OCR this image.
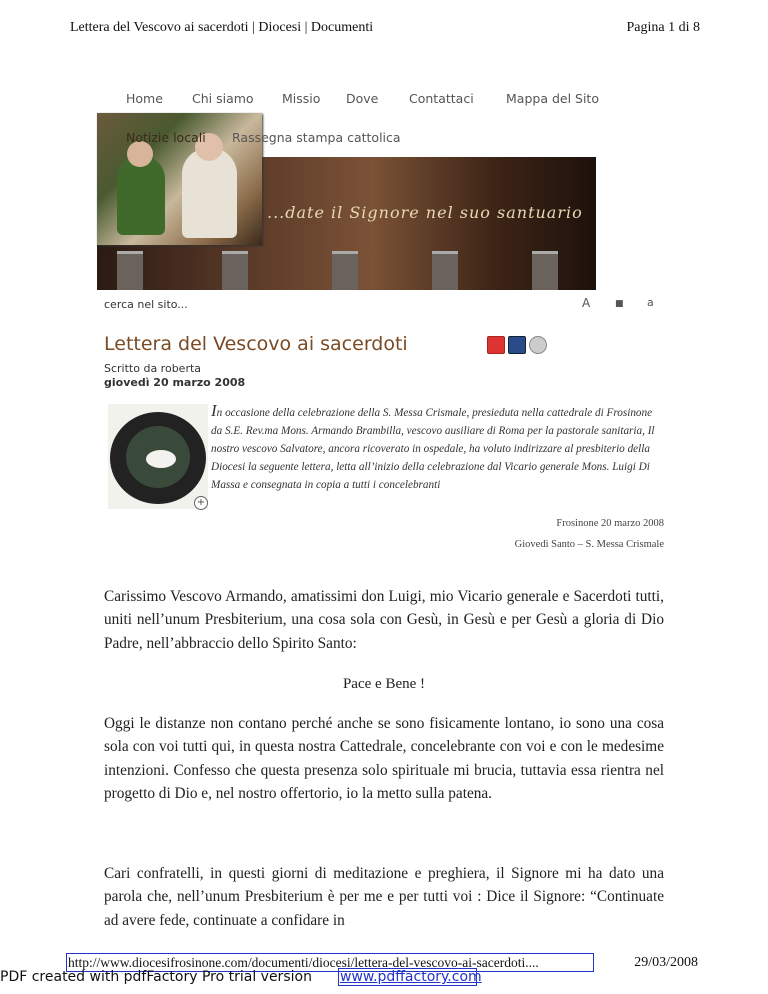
Lettera del Vescovo ai sacerdoti | Diocesi | Documenti	Pagina 1 di 8
...date il Signore nel suo santuario
Home Chi siamo Missio Dove Contattaci	Mappa del Sito
Notizie locali Rassegna stampa cattolica
cerca nel sito...	A	■ a
Lettera del Vescovo ai sacerdoti
Scritto da roberta
giovedì 20 marzo 2008
+
In occasione della celebrazione della S. Messa Crismale, presieduta nella cattedrale di Frosinone da S.E. Rev.ma Mons. Armando Brambilla, vescovo ausiliare di Roma per la pastorale sanitaria, Il nostro vescovo Salvatore, ancora ricoverato in ospedale, ha voluto indirizzare al presbiterio della Diocesi la seguente lettera, letta all’inizio della celebrazione dal Vicario generale Mons. Luigi Di Massa e consegnata in copia a tutti i concelebranti
Frosinone 20 marzo 2008
Giovedì Santo – S. Messa Crismale
Carissimo Vescovo Armando, amatissimi don Luigi, mio Vicario generale e Sacerdoti tutti, uniti nell’unum Presbiterium, una cosa sola con Gesù, in Gesù e per Gesù a gloria di Dio Padre, nell’abbraccio dello Spirito Santo:
Pace e Bene !
Oggi le distanze non contano perché anche se sono fisicamente lontano, io sono una cosa sola con voi tutti qui, in questa nostra Cattedrale, concelebrante con voi e con le medesime intenzioni. Confesso che questa presenza solo spirituale mi brucia, tuttavia essa rientra nel progetto di Dio e, nel nostro offertorio, io la metto sulla patena.
Cari confratelli, in questi giorni di meditazione e preghiera, il Signore mi ha dato una parola che, nell’unum Presbiterium è per me e per tutti voi : Dice il Signore: “Continuate ad avere fede, continuate a confidare in
http://www.diocesifrosinone.com/documenti/diocesi/lettera-del-vescovo-ai-sacerdoti....	29/03/2008
PDF created with pdfFactory Pro trial version www.pdffactory.com
